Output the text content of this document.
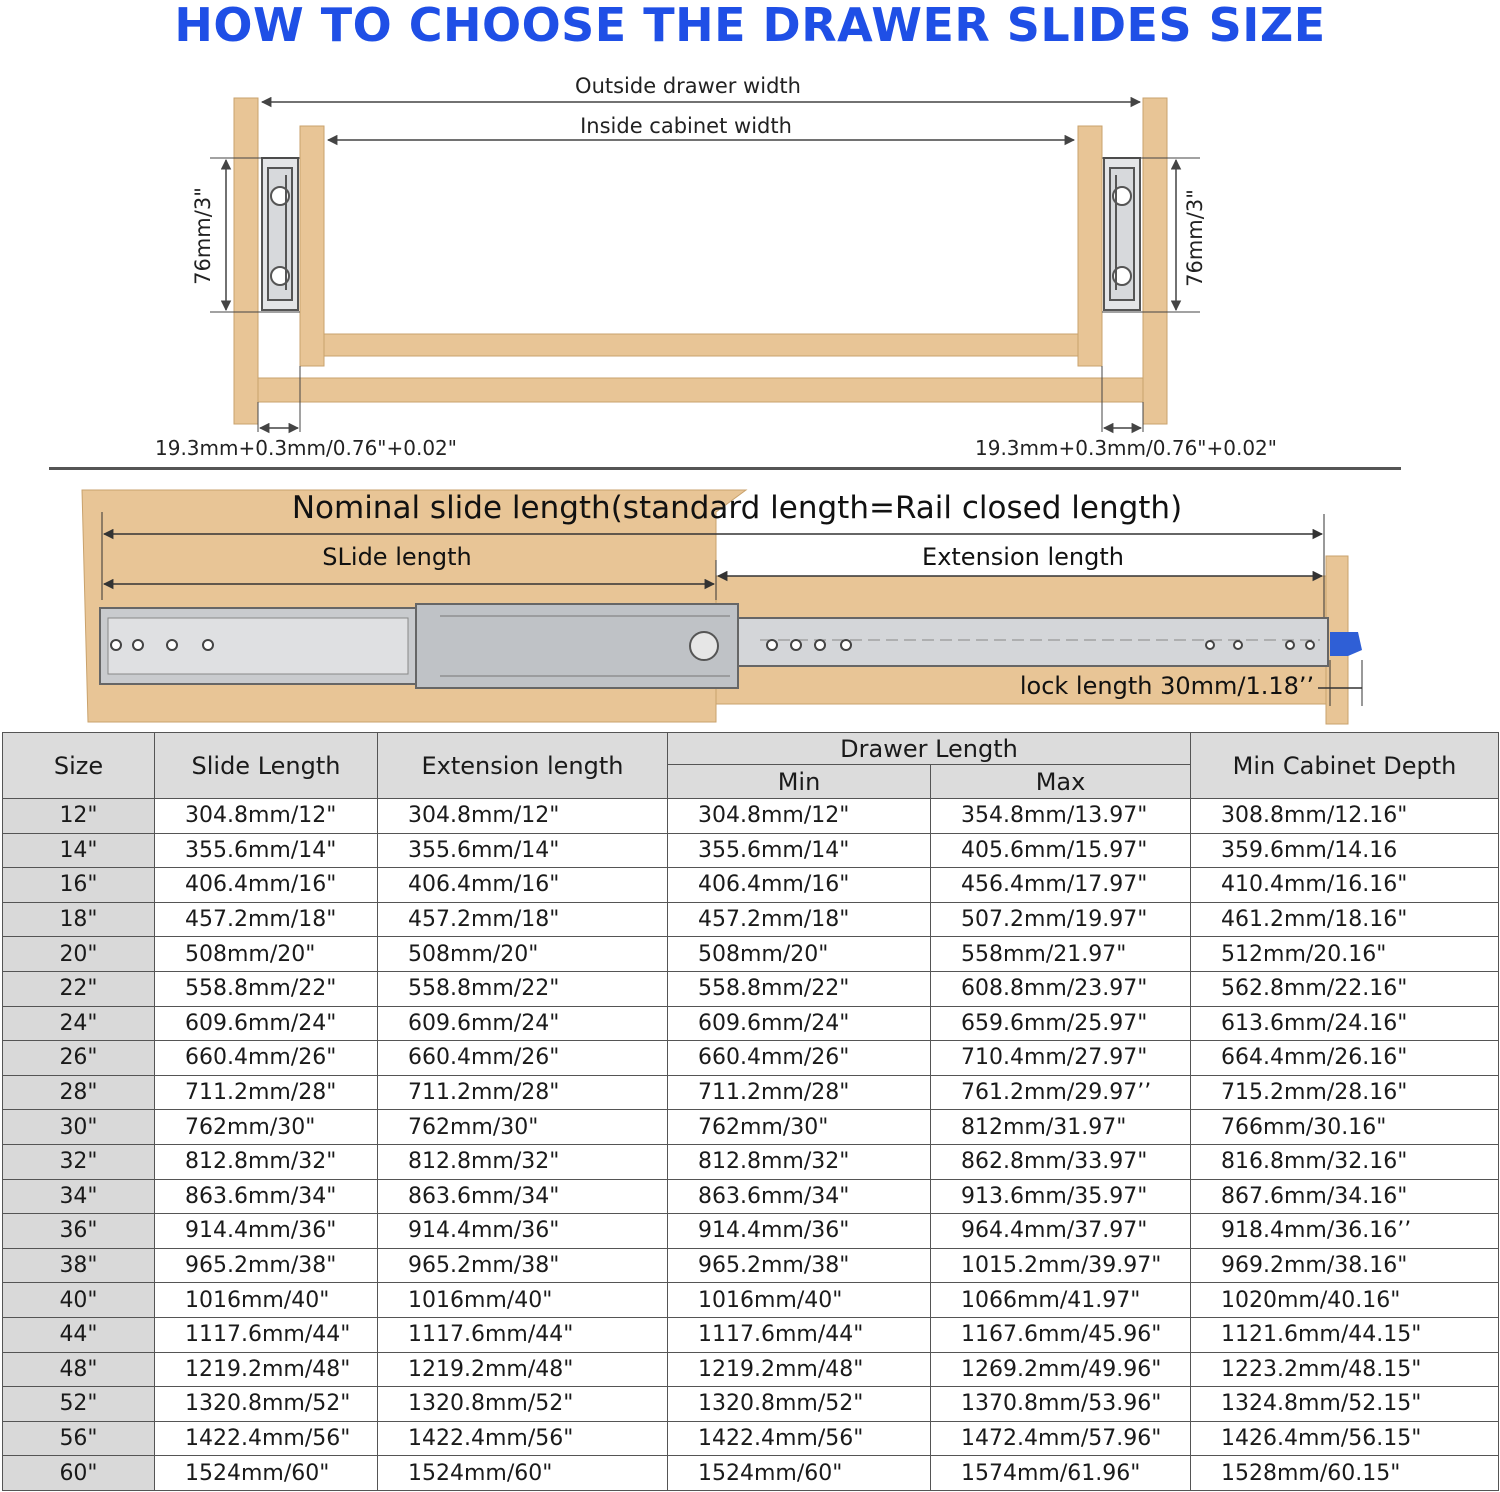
HOW TO CHOOSE THE DRAWER SLIDES SIZE
Outside drawer width
Inside cabinet width
76mm/3"	76mm/3"
19.3mm+0.3mm/0.76"+0.02"	19.3mm+0.3mm/0.76"+0.02"
Nominal slide length(standard length=Rail closed length)
SLide length	Extension length
lock length 30mm/1.18’’
Size	Slide Length	Extension length	Drawer Length		Min Cabinet Depth
			Min	Max	
12"	304.8mm/12"	304.8mm/12"	304.8mm/12"	354.8mm/13.97"	308.8mm/12.16"
14"	355.6mm/14"	355.6mm/14"	355.6mm/14"	405.6mm/15.97"	359.6mm/14.16
16"	406.4mm/16"	406.4mm/16"	406.4mm/16"	456.4mm/17.97"	410.4mm/16.16"
18"	457.2mm/18"	457.2mm/18"	457.2mm/18"	507.2mm/19.97"	461.2mm/18.16"
20"	508mm/20"	508mm/20"	508mm/20"	558mm/21.97"	512mm/20.16"
22"	558.8mm/22"	558.8mm/22"	558.8mm/22"	608.8mm/23.97"	562.8mm/22.16"
24"	609.6mm/24"	609.6mm/24"	609.6mm/24"	659.6mm/25.97"	613.6mm/24.16"
26"	660.4mm/26"	660.4mm/26"	660.4mm/26"	710.4mm/27.97"	664.4mm/26.16"
28"	711.2mm/28"	711.2mm/28"	711.2mm/28"	761.2mm/29.97’’	715.2mm/28.16"
30"	762mm/30"	762mm/30"	762mm/30"	812mm/31.97"	766mm/30.16"
32"	812.8mm/32"	812.8mm/32"	812.8mm/32"	862.8mm/33.97"	816.8mm/32.16"
34"	863.6mm/34"	863.6mm/34"	863.6mm/34"	913.6mm/35.97"	867.6mm/34.16"
36"	914.4mm/36"	914.4mm/36"	914.4mm/36"	964.4mm/37.97"	918.4mm/36.16’’
38"	965.2mm/38"	965.2mm/38"	965.2mm/38"	1015.2mm/39.97"	969.2mm/38.16"
40"	1016mm/40"	1016mm/40"	1016mm/40"	1066mm/41.97"	1020mm/40.16"
44"	1117.6mm/44"	1117.6mm/44"	1117.6mm/44"	1167.6mm/45.96"	1121.6mm/44.15"
48"	1219.2mm/48"	1219.2mm/48"	1219.2mm/48"	1269.2mm/49.96"	1223.2mm/48.15"
52"	1320.8mm/52"	1320.8mm/52"	1320.8mm/52"	1370.8mm/53.96"	1324.8mm/52.15"
56"	1422.4mm/56"	1422.4mm/56"	1422.4mm/56"	1472.4mm/57.96"	1426.4mm/56.15"
60"	1524mm/60"	1524mm/60"	1524mm/60"	1574mm/61.96"	1528mm/60.15"
